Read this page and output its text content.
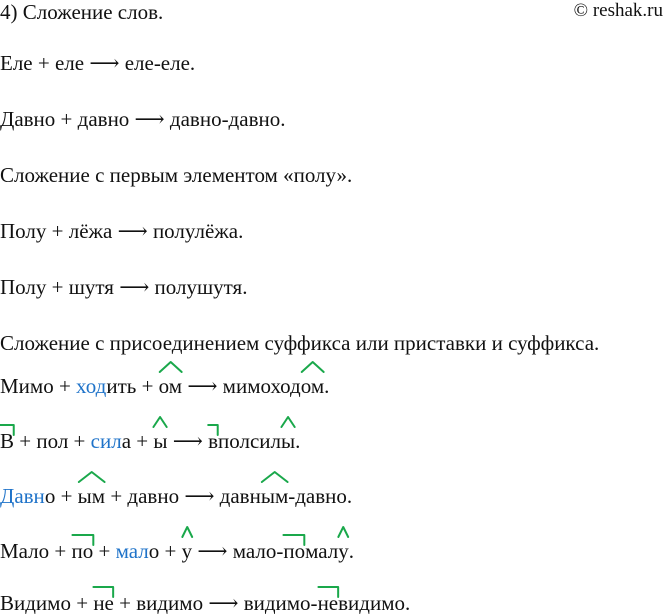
4) Сложение слов.	© reshak.ru
Еле + еле ⟶ еле-еле.
Давно + давно ⟶ давно-давно.
Сложение с первым элементом «полу».
Полу + лёжа ⟶ полулёжа.
Полу + шутя ⟶ полушутя.
Сложение с присоединением суффикса или приставки и суффикса.
Мимо + ходить +
ом ⟶ мимоход
ом.
В + пол + сила +
ы ⟶
вполсил
ы.
Давно +
ым + давно ⟶ давн
ым-давно.
Мало +
по + мало +
у ⟶ мало-
помал
у.
Видимо +
не + видимо ⟶ видимо-
невидимо.
